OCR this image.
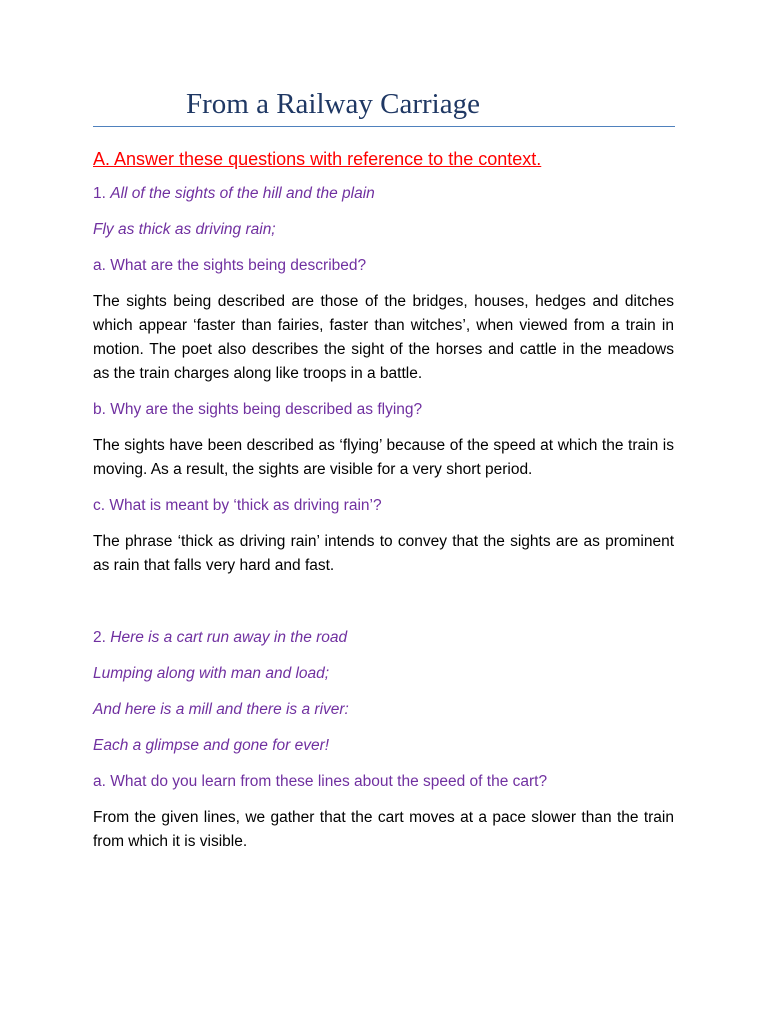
From a Railway Carriage
A. Answer these questions with reference to the context.
1. All of the sights of the hill and the plain
Fly as thick as driving rain;
a. What are the sights being described?
The sights being described are those of the bridges, houses, hedges and ditches which appear ‘faster than fairies, faster than witches’, when viewed from a train in motion. The poet also describes the sight of the horses and cattle in the meadows as the train charges along like troops in a battle.
b. Why are the sights being described as flying?
The sights have been described as ‘flying’ because of the speed at which the train is moving. As a result, the sights are visible for a very short period.
c. What is meant by ‘thick as driving rain’?
The phrase ‘thick as driving rain’ intends to convey that the sights are as prominent as rain that falls very hard and fast.
2. Here is a cart run away in the road
Lumping along with man and load;
And here is a mill and there is a river:
Each a glimpse and gone for ever!
a. What do you learn from these lines about the speed of the cart?
From the given lines, we gather that the cart moves at a pace slower than the train from which it is visible.
